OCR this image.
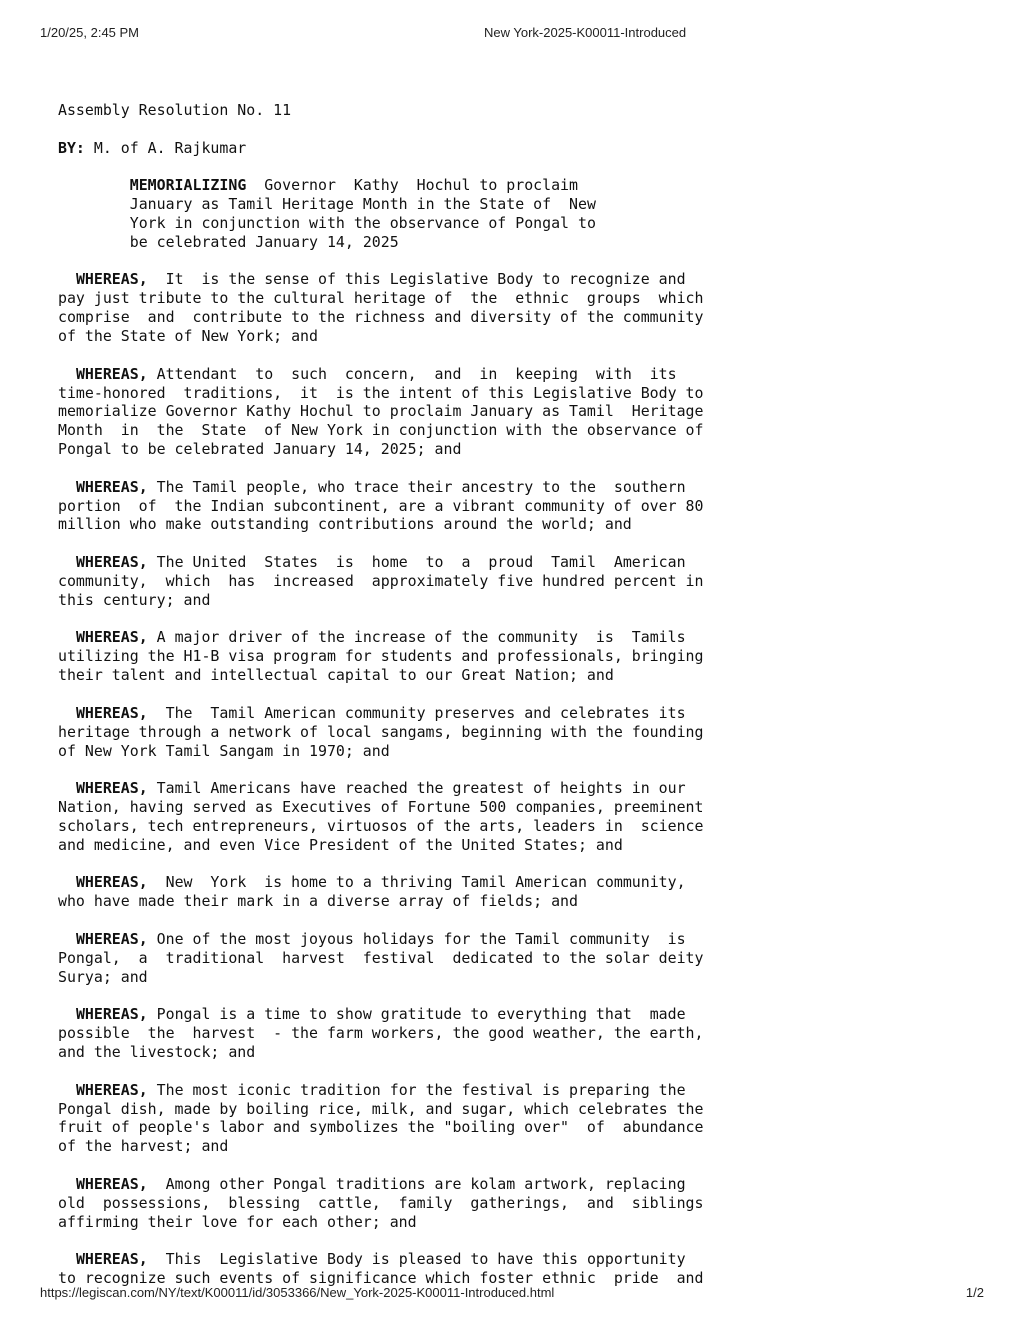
1/20/25, 2:45 PM	New York-2025-K00011-Introduced

Assembly Resolution No. 11
BY: M. of A. Rajkumar
MEMORIALIZING  Governor  Kathy  Hochul to proclaim
January as Tamil Heritage Month in the State of  New
York in conjunction with the observance of Pongal to
be celebrated January 14, 2025
WHEREAS,  It  is the sense of this Legislative Body to recognize and
pay just tribute to the cultural heritage of  the  ethnic  groups  which
comprise  and  contribute to the richness and diversity of the community
of the State of New York; and
WHEREAS, Attendant  to  such  concern,  and  in  keeping  with  its
time-honored  traditions,  it  is the intent of this Legislative Body to
memorialize Governor Kathy Hochul to proclaim January as Tamil  Heritage
Month  in  the  State  of New York in conjunction with the observance of
Pongal to be celebrated January 14, 2025; and
WHEREAS, The Tamil people, who trace their ancestry to the  southern
portion  of  the Indian subcontinent, are a vibrant community of over 80
million who make outstanding contributions around the world; and
WHEREAS, The United  States  is  home  to  a  proud  Tamil  American
community,  which  has  increased  approximately five hundred percent in
this century; and
WHEREAS, A major driver of the increase of the community  is  Tamils
utilizing the H1-B visa program for students and professionals, bringing
their talent and intellectual capital to our Great Nation; and
WHEREAS,  The  Tamil American community preserves and celebrates its
heritage through a network of local sangams, beginning with the founding
of New York Tamil Sangam in 1970; and
WHEREAS, Tamil Americans have reached the greatest of heights in our
Nation, having served as Executives of Fortune 500 companies, preeminent
scholars, tech entrepreneurs, virtuosos of the arts, leaders in  science
and medicine, and even Vice President of the United States; and
WHEREAS,  New  York  is home to a thriving Tamil American community,
who have made their mark in a diverse array of fields; and
WHEREAS, One of the most joyous holidays for the Tamil community  is
Pongal,  a  traditional  harvest  festival  dedicated to the solar deity
Surya; and
WHEREAS, Pongal is a time to show gratitude to everything that  made
possible  the  harvest  - the farm workers, the good weather, the earth,
and the livestock; and
WHEREAS, The most iconic tradition for the festival is preparing the
Pongal dish, made by boiling rice, milk, and sugar, which celebrates the
fruit of people's labor and symbolizes the "boiling over"  of  abundance
of the harvest; and
WHEREAS,  Among other Pongal traditions are kolam artwork, replacing
old  possessions,  blessing  cattle,  family  gatherings,  and  siblings
affirming their love for each other; and
WHEREAS,  This  Legislative Body is pleased to have this opportunity
to recognize such events of significance which foster ethnic  pride  and
https://legiscan.com/NY/text/K00011/id/3053366/New_York-2025-K00011-Introduced.html	1/2
